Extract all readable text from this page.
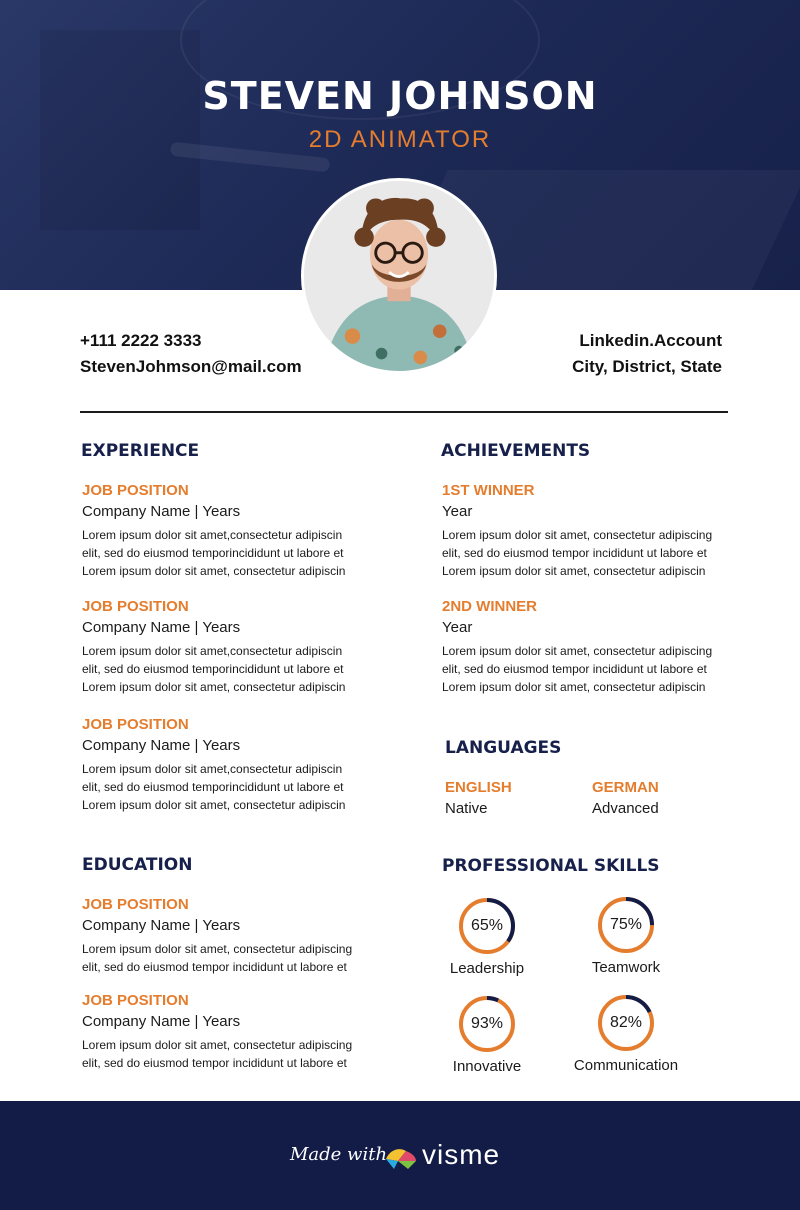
STEVEN JOHNSON
2D ANIMATOR
+111 2222 3333
StevenJohmson@mail.com
Linkedin.Account
City, District, State
EXPERIENCE
JOB POSITION
Company Name | Years
Lorem ipsum dolor sit amet,consectetur adipiscin
elit, sed do eiusmod temporincididunt ut labore et
Lorem ipsum dolor sit amet, consectetur adipiscin
JOB POSITION
Company Name | Years
Lorem ipsum dolor sit amet,consectetur adipiscin
elit, sed do eiusmod temporincididunt ut labore et
Lorem ipsum dolor sit amet, consectetur adipiscin
JOB POSITION
Company Name | Years
Lorem ipsum dolor sit amet,consectetur adipiscin
elit, sed do eiusmod temporincididunt ut labore et
Lorem ipsum dolor sit amet, consectetur adipiscin
ACHIEVEMENTS
1ST WINNER
Year
Lorem ipsum dolor sit amet, consectetur adipiscing
elit, sed do eiusmod tempor incididunt ut labore et
Lorem ipsum dolor sit amet, consectetur adipiscin
2ND WINNER
Year
Lorem ipsum dolor sit amet, consectetur adipiscing
elit, sed do eiusmod tempor incididunt ut labore et
Lorem ipsum dolor sit amet, consectetur adipiscin
LANGUAGES
ENGLISH
Native
GERMAN
Advanced
EDUCATION
JOB POSITION
Company Name | Years
Lorem ipsum dolor sit amet, consectetur adipiscing
elit, sed do eiusmod tempor incididunt ut labore et
JOB POSITION
Company Name | Years
Lorem ipsum dolor sit amet, consectetur adipiscing
elit, sed do eiusmod tempor incididunt ut labore et
PROFESSIONAL SKILLS
65%
Leadership
75%
Teamwork
93%
Innovative
82%
Communication
Made with visme
